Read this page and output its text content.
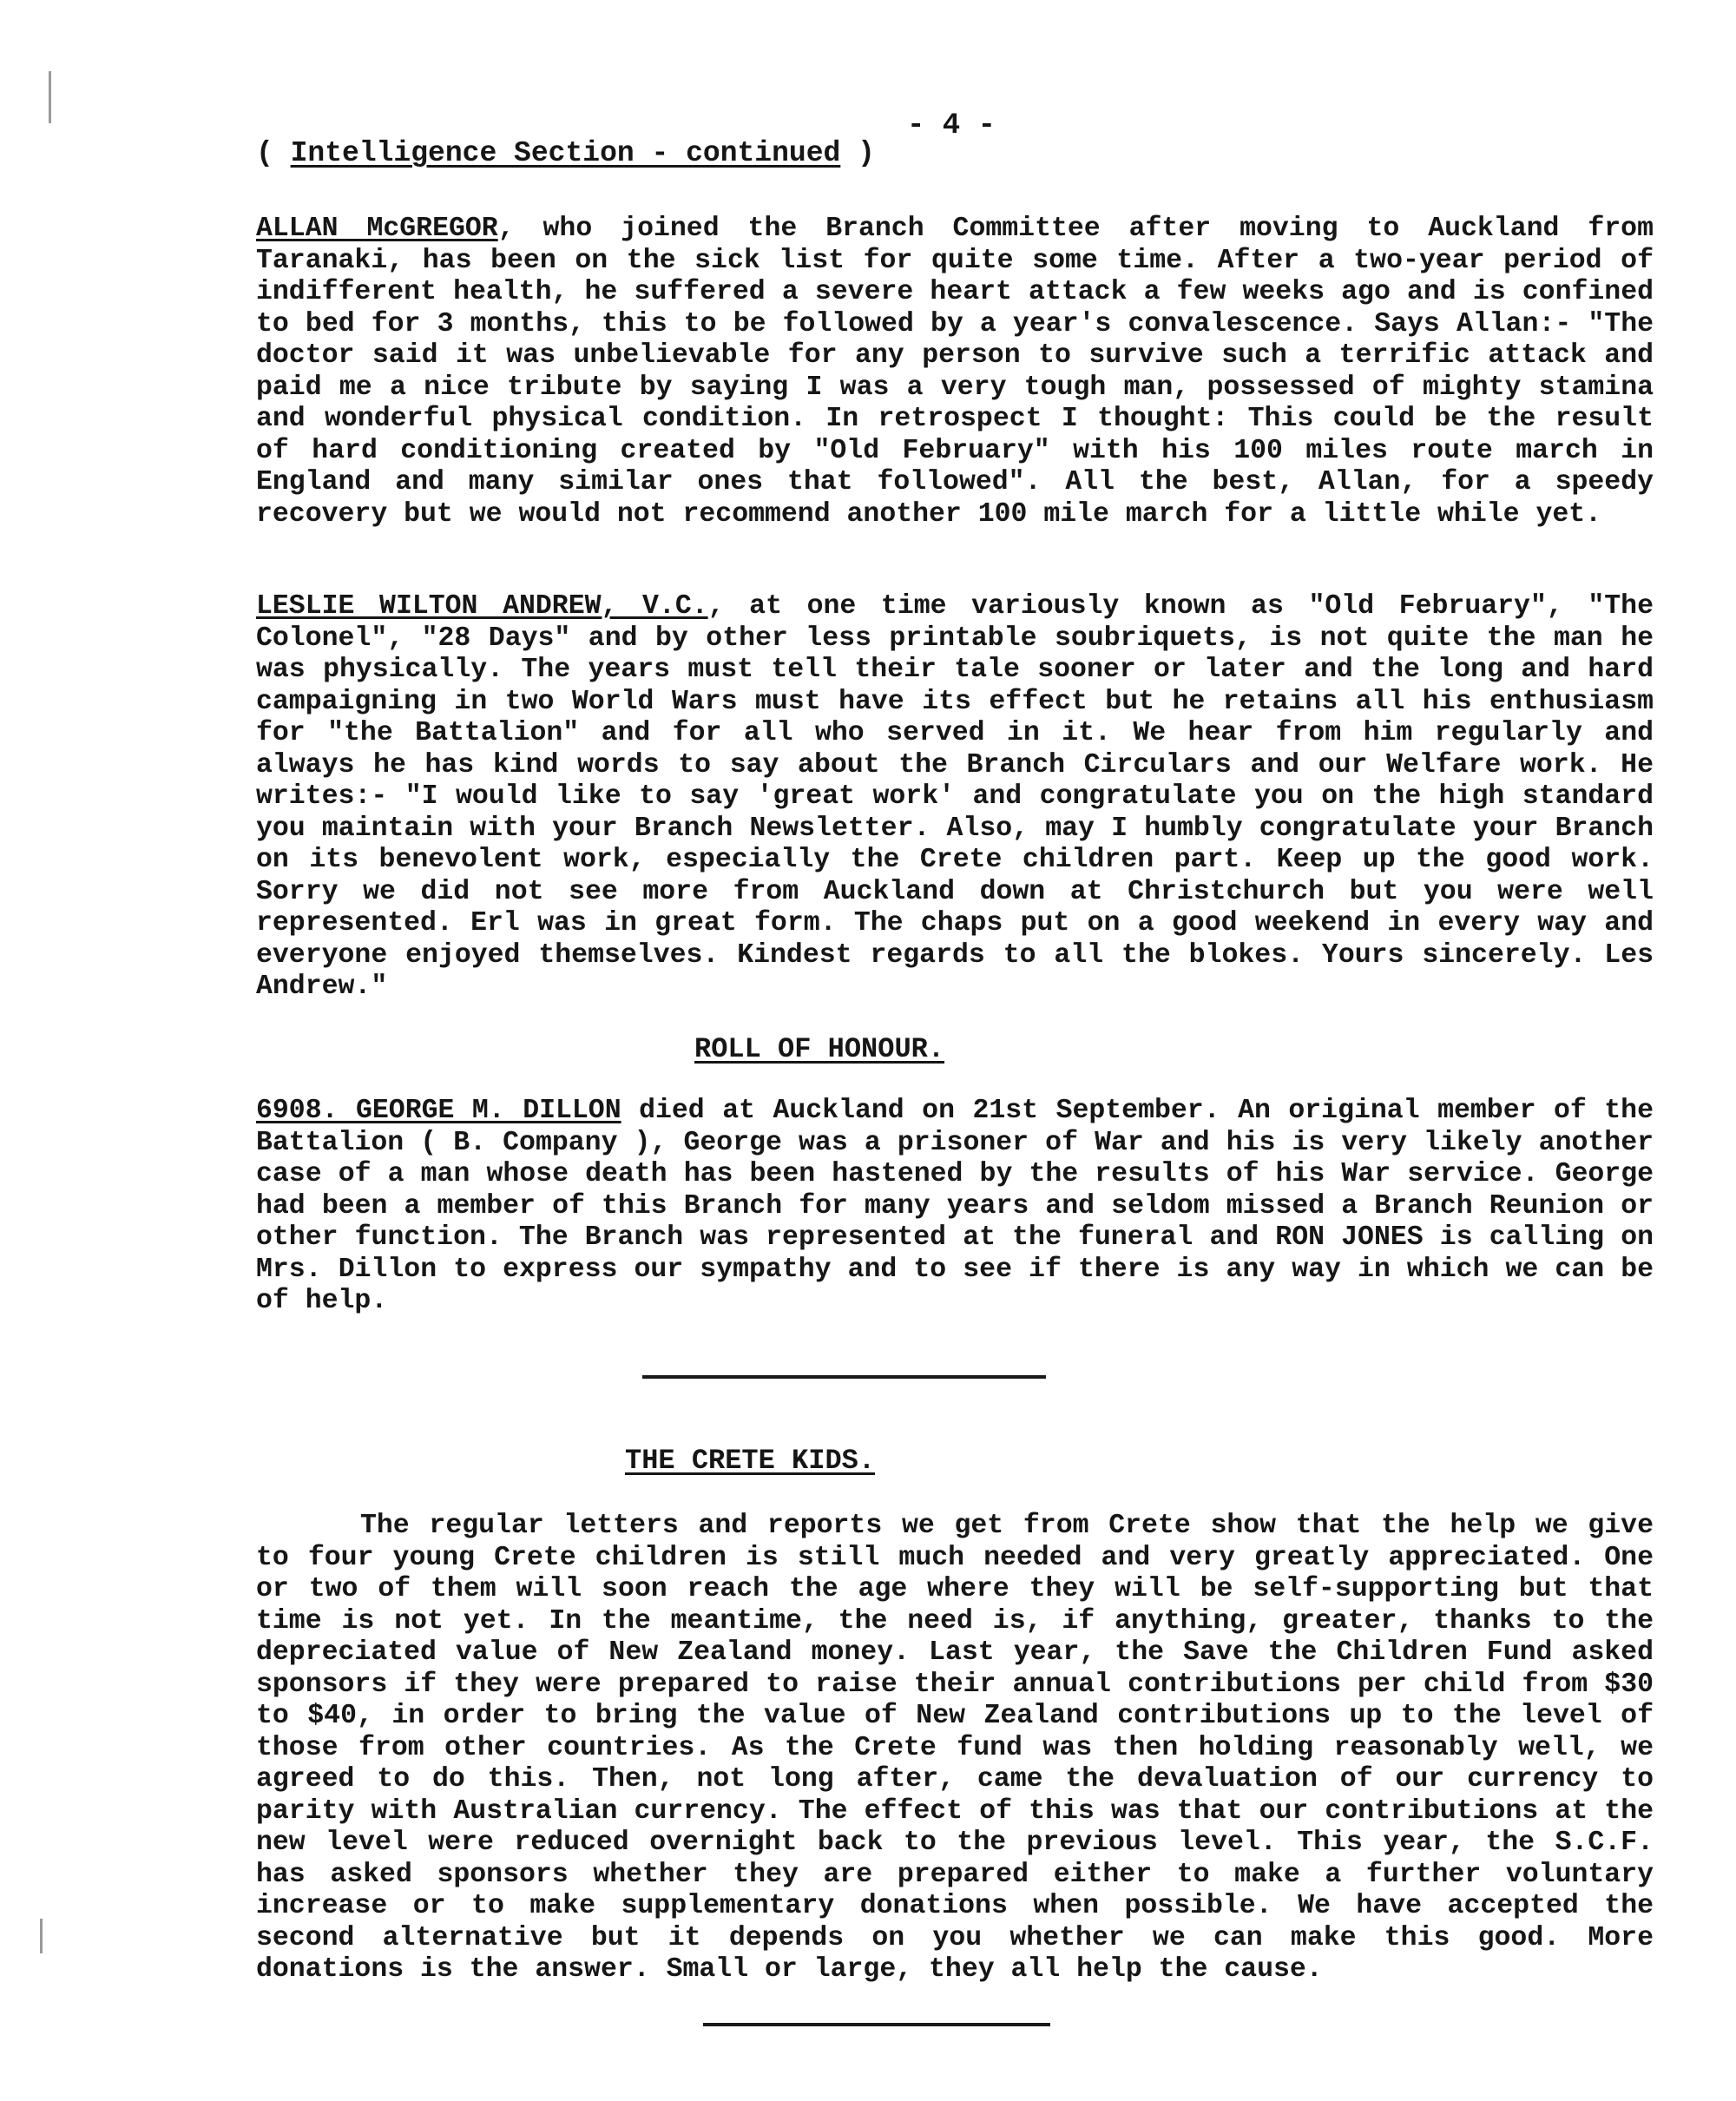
- 4 -
( Intelligence Section - continued )

ALLAN McGREGOR, who joined the Branch Committee after moving to Auckland from Taranaki, has been on the sick list for quite some time. After a two-year period of indifferent health, he suffered a severe heart attack a few weeks ago and is confined to bed for 3 months, this to be followed by a year's convalescence. Says Allan:- "The doctor said it was unbelievable for any person to survive such a terrific attack and paid me a nice tribute by saying I was a very tough man, possessed of mighty stamina and wonderful physical condition. In retrospect I thought: This could be the result of hard conditioning created by "Old February" with his 100 miles route march in England and many similar ones that followed". All the best, Allan, for a speedy recovery but we would not recommend another 100 mile march for a little while yet.

LESLIE WILTON ANDREW, V.C., at one time variously known as "Old February", "The Colonel", "28 Days" and by other less printable soubriquets, is not quite the man he was physically. The years must tell their tale sooner or later and the long and hard campaigning in two World Wars must have its effect but he retains all his enthusiasm for "the Battalion" and for all who served in it. We hear from him regularly and always he has kind words to say about the Branch Circulars and our Welfare work. He writes:- "I would like to say 'great work' and congratulate you on the high standard you maintain with your Branch Newsletter. Also, may I humbly congratulate your Branch on its benevolent work, especially the Crete children part. Keep up the good work. Sorry we did not see more from Auckland down at Christchurch but you were well represented. Erl was in great form. The chaps put on a good weekend in every way and everyone enjoyed themselves. Kindest regards to all the blokes. Yours sincerely. Les Andrew."

ROLL OF HONOUR.

6908. GEORGE M. DILLON died at Auckland on 21st September. An original member of the Battalion ( B. Company ), George was a prisoner of War and his is very likely another case of a man whose death has been hastened by the results of his War service. George had been a member of this Branch for many years and seldom missed a Branch Reunion or other function. The Branch was represented at the funeral and RON JONES is calling on Mrs. Dillon to express our sympathy and to see if there is any way in which we can be of help.

THE CRETE KIDS.

The regular letters and reports we get from Crete show that the help we give to four young Crete children is still much needed and very greatly appreciated. One or two of them will soon reach the age where they will be self-supporting but that time is not yet. In the meantime, the need is, if anything, greater, thanks to the depreciated value of New Zealand money. Last year, the Save the Children Fund asked sponsors if they were prepared to raise their annual contributions per child from $30 to $40, in order to bring the value of New Zealand contributions up to the level of those from other countries. As the Crete fund was then holding reasonably well, we agreed to do this. Then, not long after, came the devaluation of our currency to parity with Australian currency. The effect of this was that our contributions at the new level were reduced overnight back to the previous level. This year, the S.C.F. has asked sponsors whether they are prepared either to make a further voluntary increase or to make supplementary donations when possible. We have accepted the second alternative but it depends on you whether we can make this good. More donations is the answer. Small or large, they all help the cause.
